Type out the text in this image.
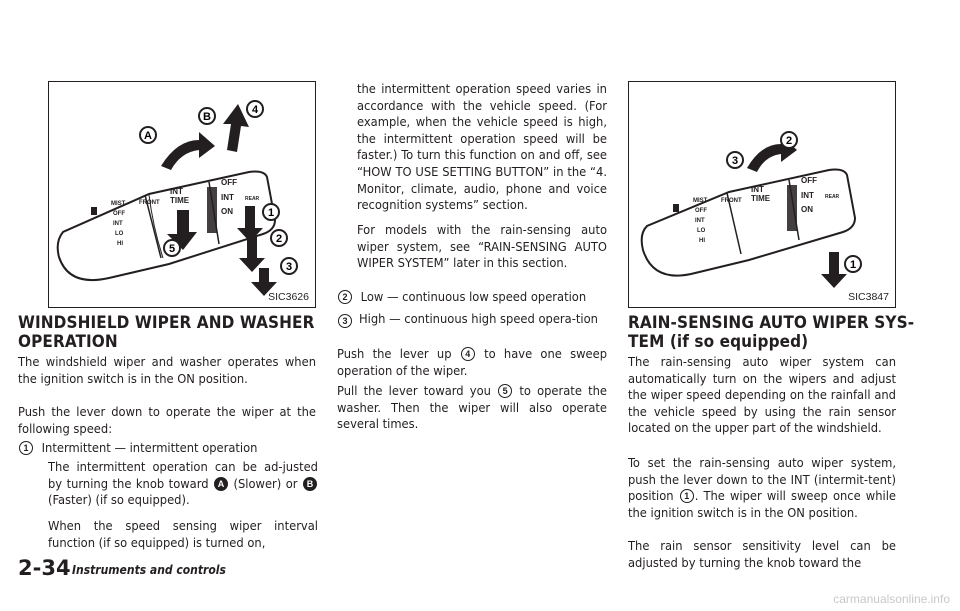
MIST
OFF
INT
LO
HI
FRONT
INT
TIME
OFF
INT
ON
REAR
A
B
4
5
1
2
3
SIC3626
WINDSHIELD WIPER AND WASHER
OPERATION

The windshield wiper and washer operates when the ignition switch is in the ON position.

Push the lever down to operate the wiper at the following speed:

1 Intermittent — intermittent operation

The intermittent operation can be ad-justed by turning the knob toward A (Slower) or B (Faster) (if so equipped).

When the speed sensing wiper interval function (if so equipped) is turned on,

the intermittent operation speed varies in accordance with the vehicle speed. (For example, when the vehicle speed is high, the intermittent operation speed will be faster.) To turn this function on and off, see “HOW TO USE SETTING BUTTON” in the “4. Monitor, climate, audio, phone and voice recognition systems” section.

For models with the rain-sensing auto wiper system, see “RAIN-SENSING AUTO WIPER SYSTEM” later in this section.

2 Low — continuous low speed operation
3 High — continuous high speed opera-tion

Push the lever up 4 to have one sweep operation of the wiper.

Pull the lever toward you 5 to operate the washer. Then the wiper will also operate several times.

MIST
OFF
INT
LO
HI
FRONT
INT
TIME
OFF
INT
ON
REAR
3
2
1
SIC3847
RAIN-SENSING AUTO WIPER SYS-
TEM (if so equipped)

The rain-sensing auto wiper system can automatically turn on the wipers and adjust the wiper speed depending on the rainfall and the vehicle speed by using the rain sensor located on the upper part of the windshield.

To set the rain-sensing auto wiper system, push the lever down to the INT (intermit-tent) position 1 . The wiper will sweep once while the ignition switch is in the ON position.

The rain sensor sensitivity level can be adjusted by turning the knob toward the

2-34 Instruments and controls
carmanualsonline.info
